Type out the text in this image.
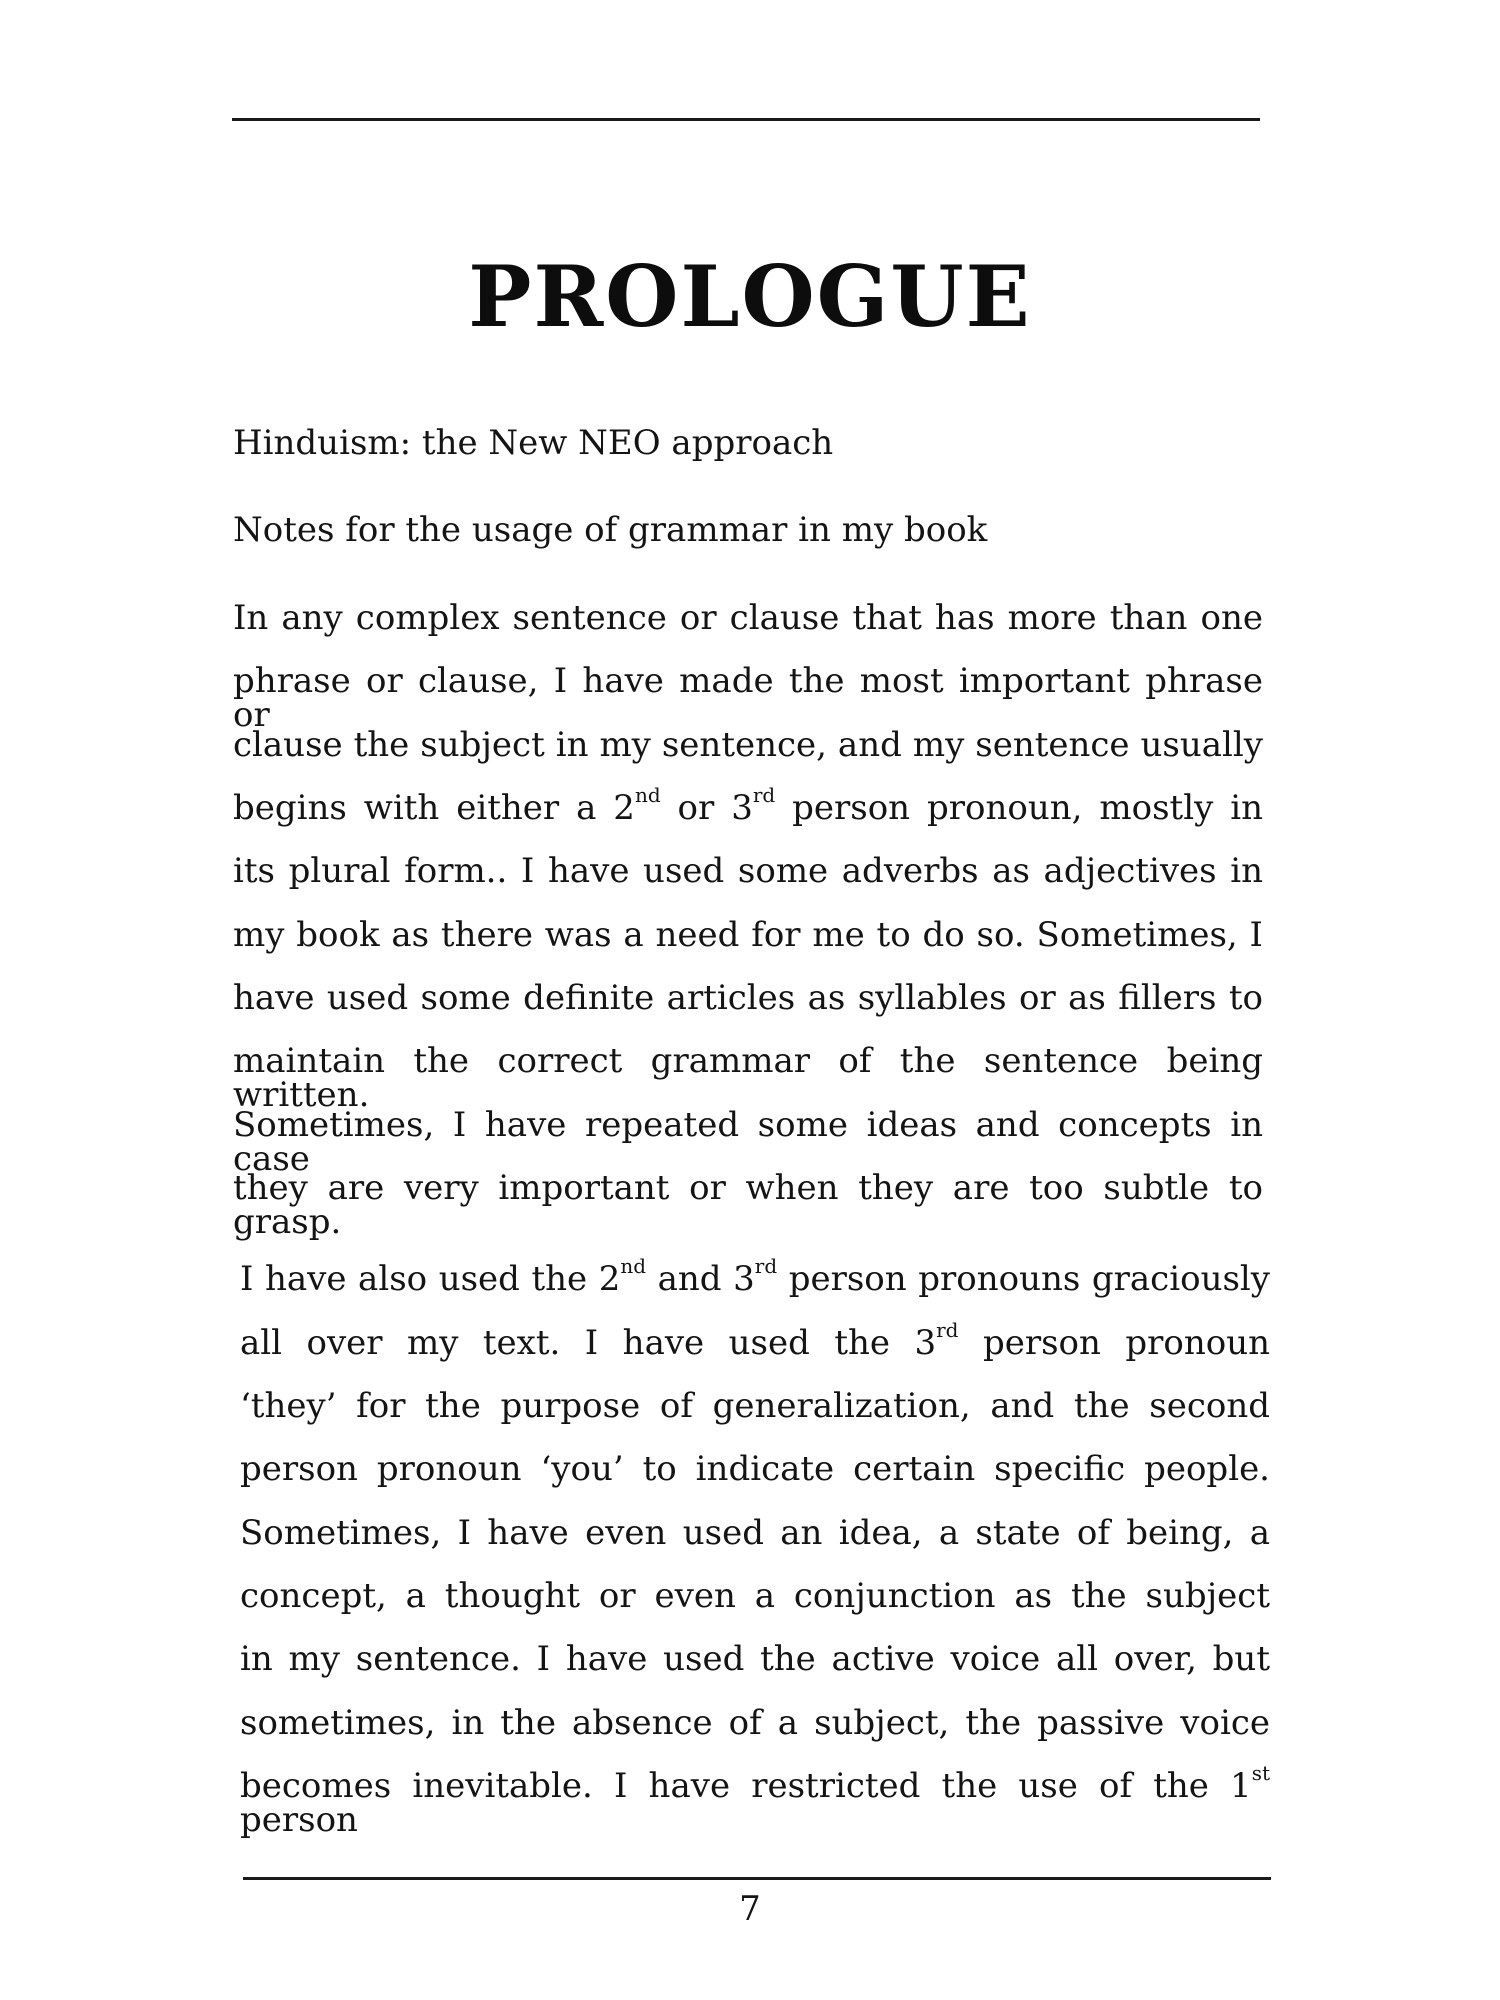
PROLOGUE

Hinduism: the New NEO approach

Notes for the usage of grammar in my book

In any complex sentence or clause that has more than one
phrase or clause, I have made the most important phrase or
clause the subject in my sentence, and my sentence usually
begins with either a 2nd or 3rd person pronoun, mostly in
its plural form.. I have used some adverbs as adjectives in
my book as there was a need for me to do so. Sometimes, I
have used some definite articles as syllables or as fillers to
maintain the correct grammar of the sentence being written.
Sometimes, I have repeated some ideas and concepts in case
they are very important or when they are too subtle to grasp.
I have also used the 2nd and 3rd person pronouns graciously
all over my text. I have used the 3rd person pronoun
‘they’ for the purpose of generalization, and the second
person pronoun ‘you’ to indicate certain specific people.
Sometimes, I have even used an idea, a state of being, a
concept, a thought or even a conjunction as the subject
in my sentence. I have used the active voice all over, but
sometimes, in the absence of a subject, the passive voice
becomes inevitable. I have restricted the use of the 1st person

7
